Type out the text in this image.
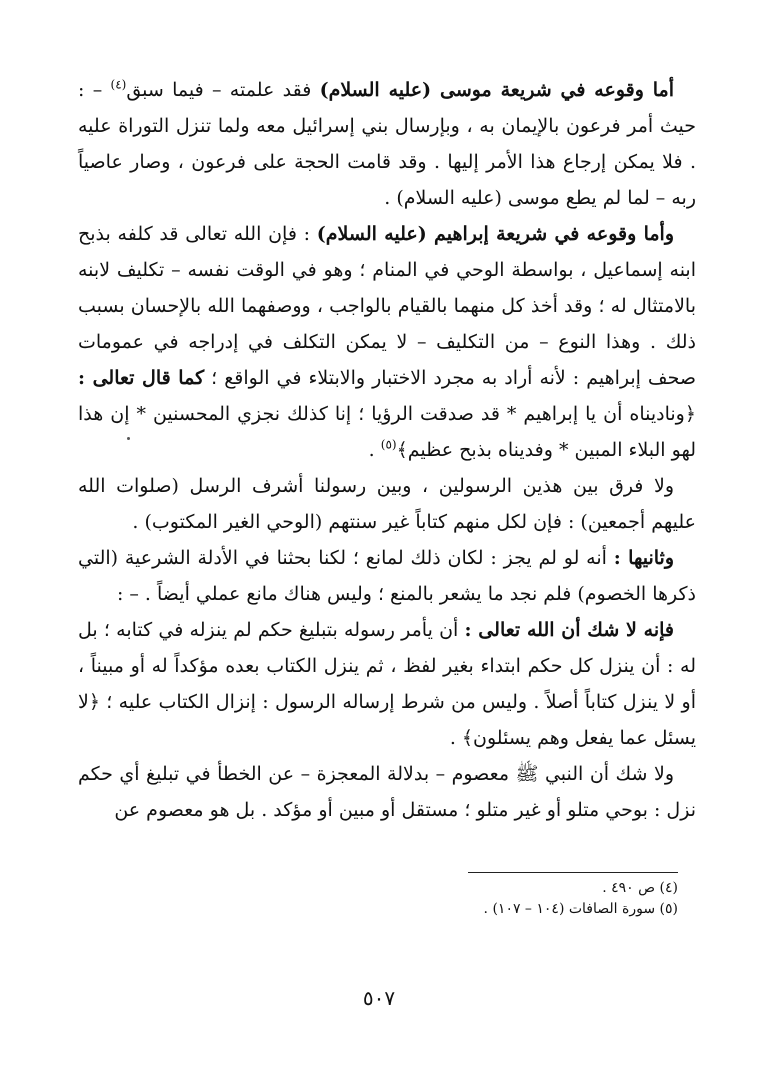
أما وقوعه في شريعة موسى (عليه السلام) فقد علمته – فيما سبق$^{(٤)}$ – : حيث أمر فرعون بالإيمان به ، وبإرسال بني إسرائيل معه ولما تنزل التوراة عليه . فلا يمكن إرجاع هذا الأمر إليها . وقد قامت الحجة على فرعون ، وصار عاصياً ربه – لما لم يطع موسى (عليه السلام) .

وأما وقوعه في شريعة إبراهيم (عليه السلام) : فإن الله تعالى قد كلفه بذبح ابنه إسماعيل ، بواسطة الوحي في المنام ؛ وهو في الوقت نفسه – تكليف لابنه بالامتثال له ؛ وقد أخذ كل منهما بالقيام بالواجب ، ووصفهما الله بالإحسان بسبب ذلك . وهذا النوع – من التكليف – لا يمكن التكلف في إدراجه في عمومات صحف إبراهيم : لأنه أراد به مجرد الاختبار والابتلاء في الواقع ؛ كما قال تعالى : ﴿وناديناه أن يا إبراهيم * قد صدقت الرؤيا ؛ إنا كذلك نجزي المحسنين * إن هذا لهو البلاء المبين * وفديناه بذبح عظيم﴾$^{(٥)}$ .

ولا فرق بين هذين الرسولين ، وبين رسولنا أشرف الرسل (صلوات الله عليهم أجمعين) : فإن لكل منهم كتاباً غير سنتهم (الوحي الغير المكتوب) .

وثانيها : أنه لو لم يجز : لكان ذلك لمانع ؛ لكنا بحثنا في الأدلة الشرعية (التي ذكرها الخصوم) فلم نجد ما يشعر بالمنع ؛ وليس هناك مانع عملي أيضاً . – :

فإنه لا شك أن الله تعالى : أن يأمر رسوله بتبليغ حكم لم ينزله في كتابه ؛ بل له : أن ينزل كل حكم ابتداء بغير لفظ ، ثم ينزل الكتاب بعده مؤكداً له أو مبيناً ، أو لا ينزل كتاباً أصلاً . وليس من شرط إرساله الرسول : إنزال الكتاب عليه ؛ ﴿لا يسئل عما يفعل وهم يسئلون﴾ .

ولا شك أن النبي ﷺ معصوم – بدلالة المعجزة – عن الخطأ في تبليغ أي حكم نزل : بوحي متلو أو غير متلو ؛ مستقل أو مبين أو مؤكد . بل هو معصوم عن

(٤) ص ٤٩٠ .
(٥) سورة الصافات (١٠٤ – ١٠٧) .
٥٠٧
